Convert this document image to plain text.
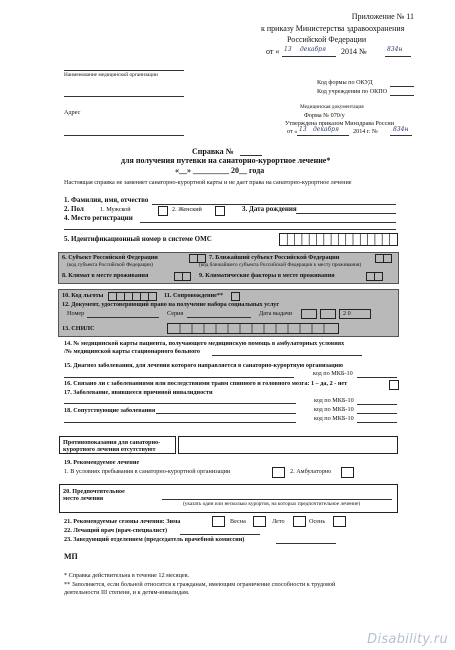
Приложение № 11
к приказу Министерства здравоохранения
Российской Федерации
от « 13 декабря 2014 №	834н
Наименование медицинской организации
Код формы по ОКУД
Код учреждения по ОКПО
Медицинская документация
Адрес	Форма № 070/у
Утверждена приказом Минздрава России
от « 13 декабря 2014 г. №	834н
Справка №
для получения путевки на санаторно-курортное лечение*
«__» _________ 20__ года
Настоящая справка не заменяет санаторно-курортной карты и не дает права на санаторно-курортное лечение
1. Фамилия, имя, отчество
2. Пол	1. Мужской	2. Женский	3. Дата рождения
4. Место регистрации
5. Идентификационный номер в системе ОМС
6. Субъект Российской Федерации
(код субъекта Российской Федерации)
7. Ближайший субъект Российской Федерации
(код ближайшего субъекта Российской Федерации к месту проживания)
8. Климат в месте проживания	9. Климатические факторы в месте проживания
10. Код льготы	11. Сопровождение**
12. Документ, удостоверяющий право на получение набора социальных услуг
Номер	Серия	Дата выдачи	.	. 2 0
13. СНИЛС
14. № медицинской карты пациента, получающего медицинскую помощь в амбулаторных условиях
/№ медицинской карты стационарного больного
15. Диагноз заболевания, для лечения которого направляется в санаторно-курортную организацию
код по МКБ-10
16. Связано ли с заболеваниями или последствиями травм спинного и головного мозга: 1 – да, 2 - нет
17. Заболевание, явившееся причиной инвалидности
код по МКБ-10
18. Сопутствующие заболевания	код по МКБ-10
код по МКБ-10
Противопоказания для санаторно-курортного лечения отсутствуют
19. Рекомендуемое лечение
1. В условиях пребывания в санаторно-курортной организации	2. Амбулаторно
20. Предпочтительное место лечения
(указать один или несколько курортов, на которых предпочтительное лечение)
21. Рекомендуемые сезоны лечения: Зима	Весна	Лето	Осень
22. Лечащий врач (врач-специалист)
23. Заведующий отделением (председатель врачебной комиссии)
МП
* Справка действительна в течение 12 месяцев.
** Заполняется, если больной относится к гражданам, имеющим ограничение способности к трудовой
деятельности III степени, и к детям-инвалидам.
Disability.ru
